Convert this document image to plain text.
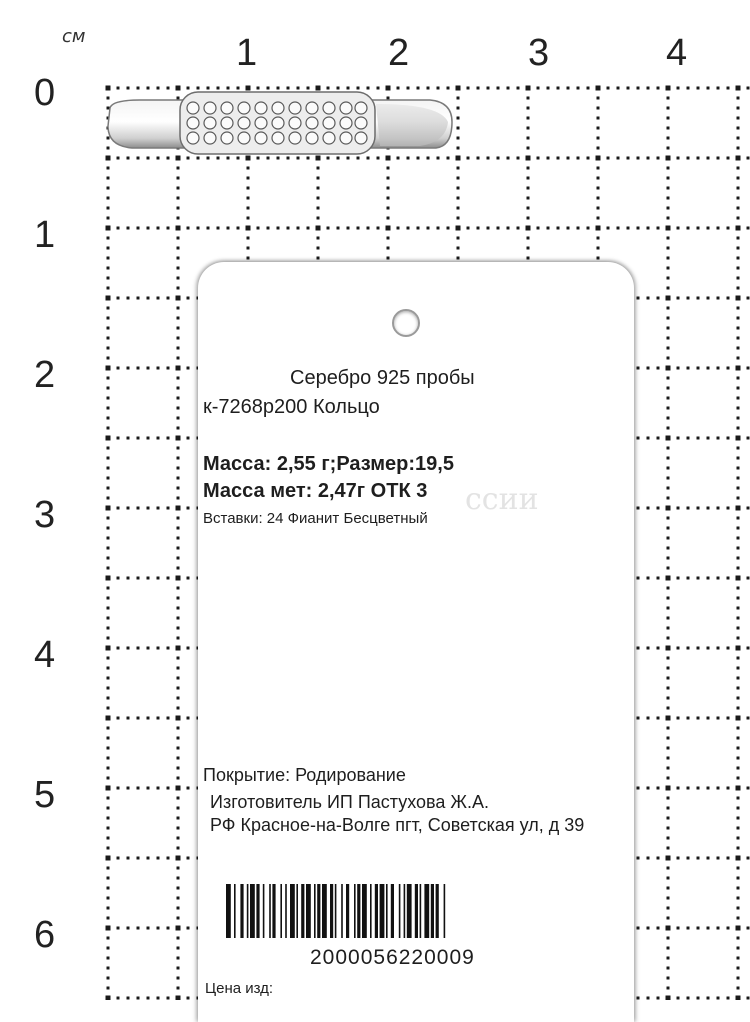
см	1	2	3	4
0
1
2
3
4
5
6
ссии
Серебро 925 пробы
к-7268р200 Кольцо
Масса: 2,55 г;Размер:19,5
Масса мет: 2,47г ОТК 3
Вставки: 24 Фианит Бесцветный
Покрытие: Родирование
Изготовитель ИП Пастухова Ж.А.
РФ Красное-на-Волге пгт, Советская ул, д 39
2000056220009
Цена изд:
